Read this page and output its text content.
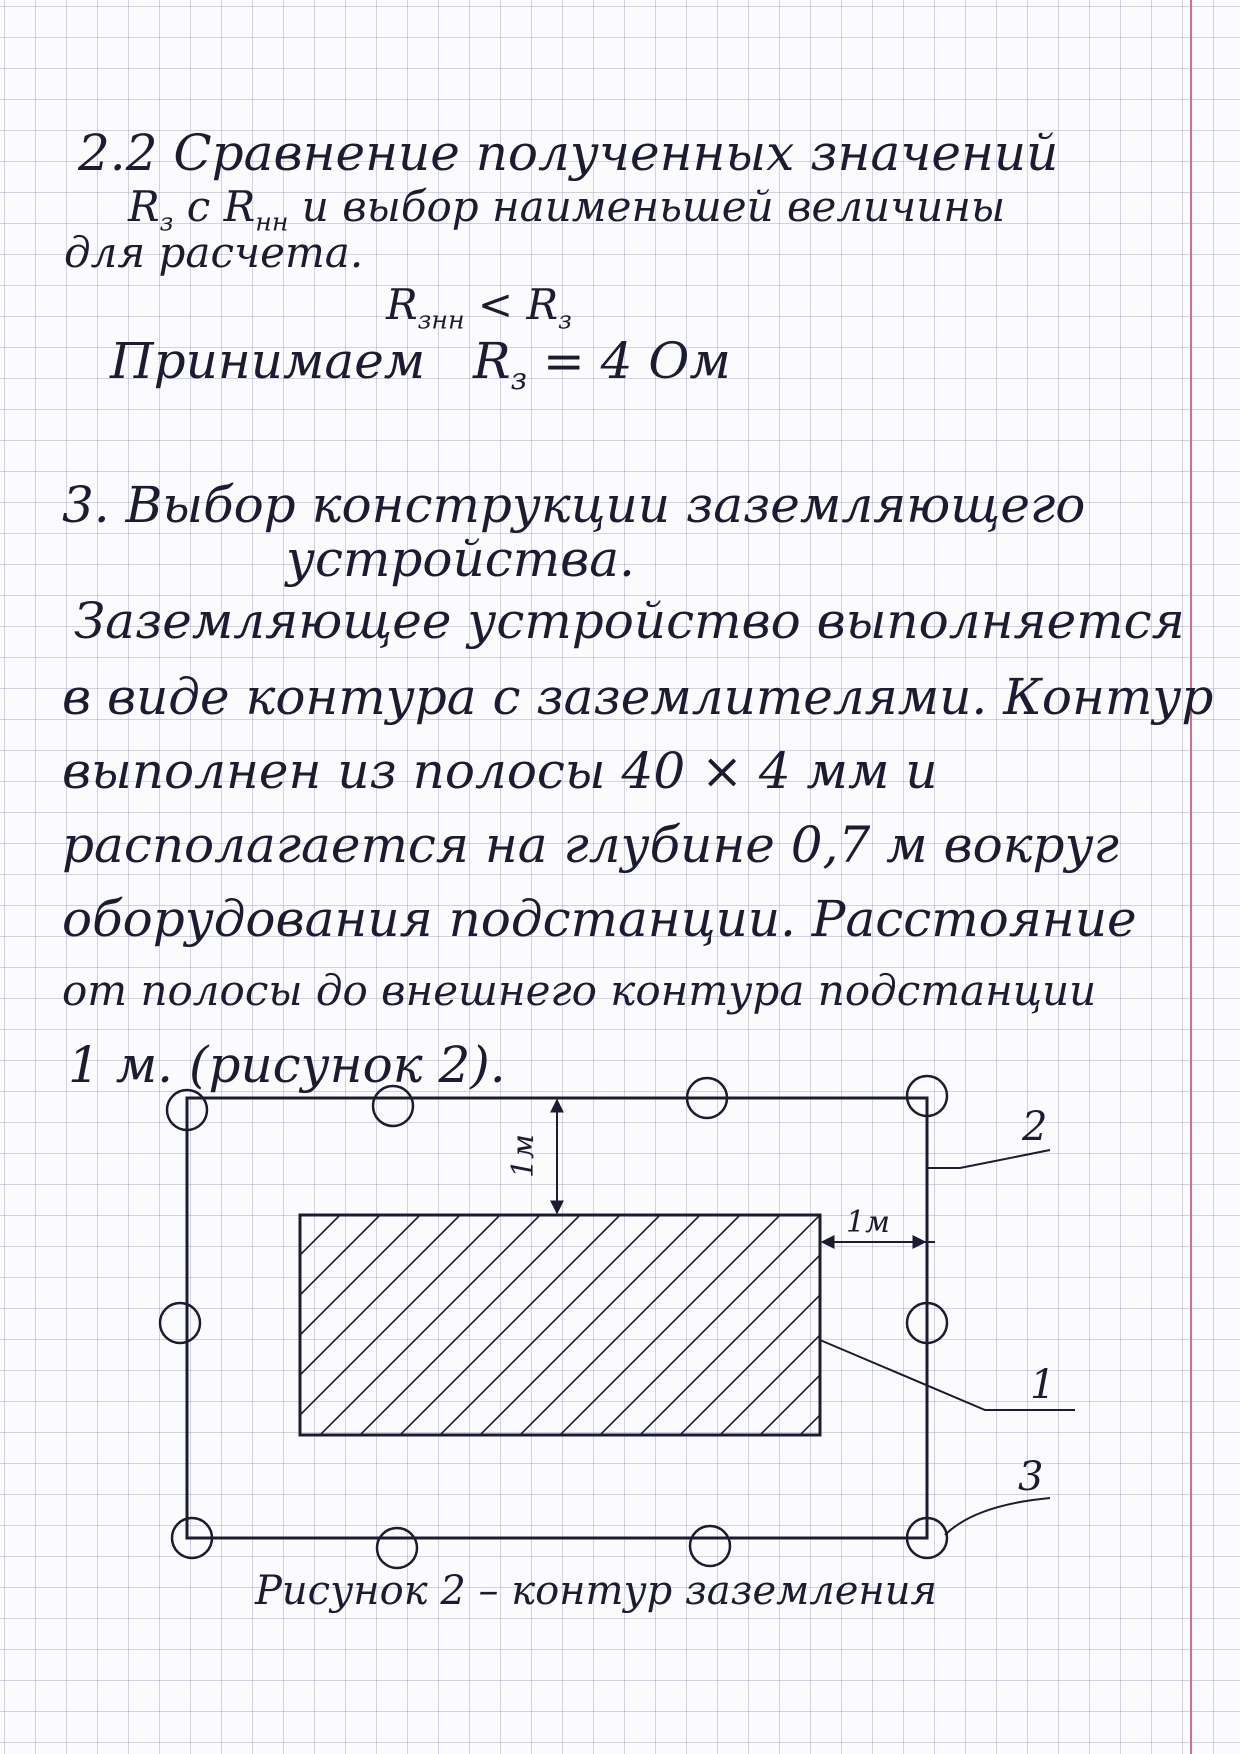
2.2 Сравнение полученных значений

$R_з$ с $R_{нн}$ и выбор наименьшей величины

для расчета.

$R_{знн} < R_з$

Принимаем $R_з = 4$ Ом

3. Выбор конструкции заземляющего

устройства.

Заземляющее устройство выполняется

в виде контура с заземлителями. Контур

выполнен из полосы 40 × 4 мм и

располагается на глубине 0,7 м вокруг

оборудования подстанции. Расстояние

от полосы до внешнего контура подстанции

1 м. (рисунок 2).

1м
1м
2
1
3
Рисунок 2 – контур заземления
